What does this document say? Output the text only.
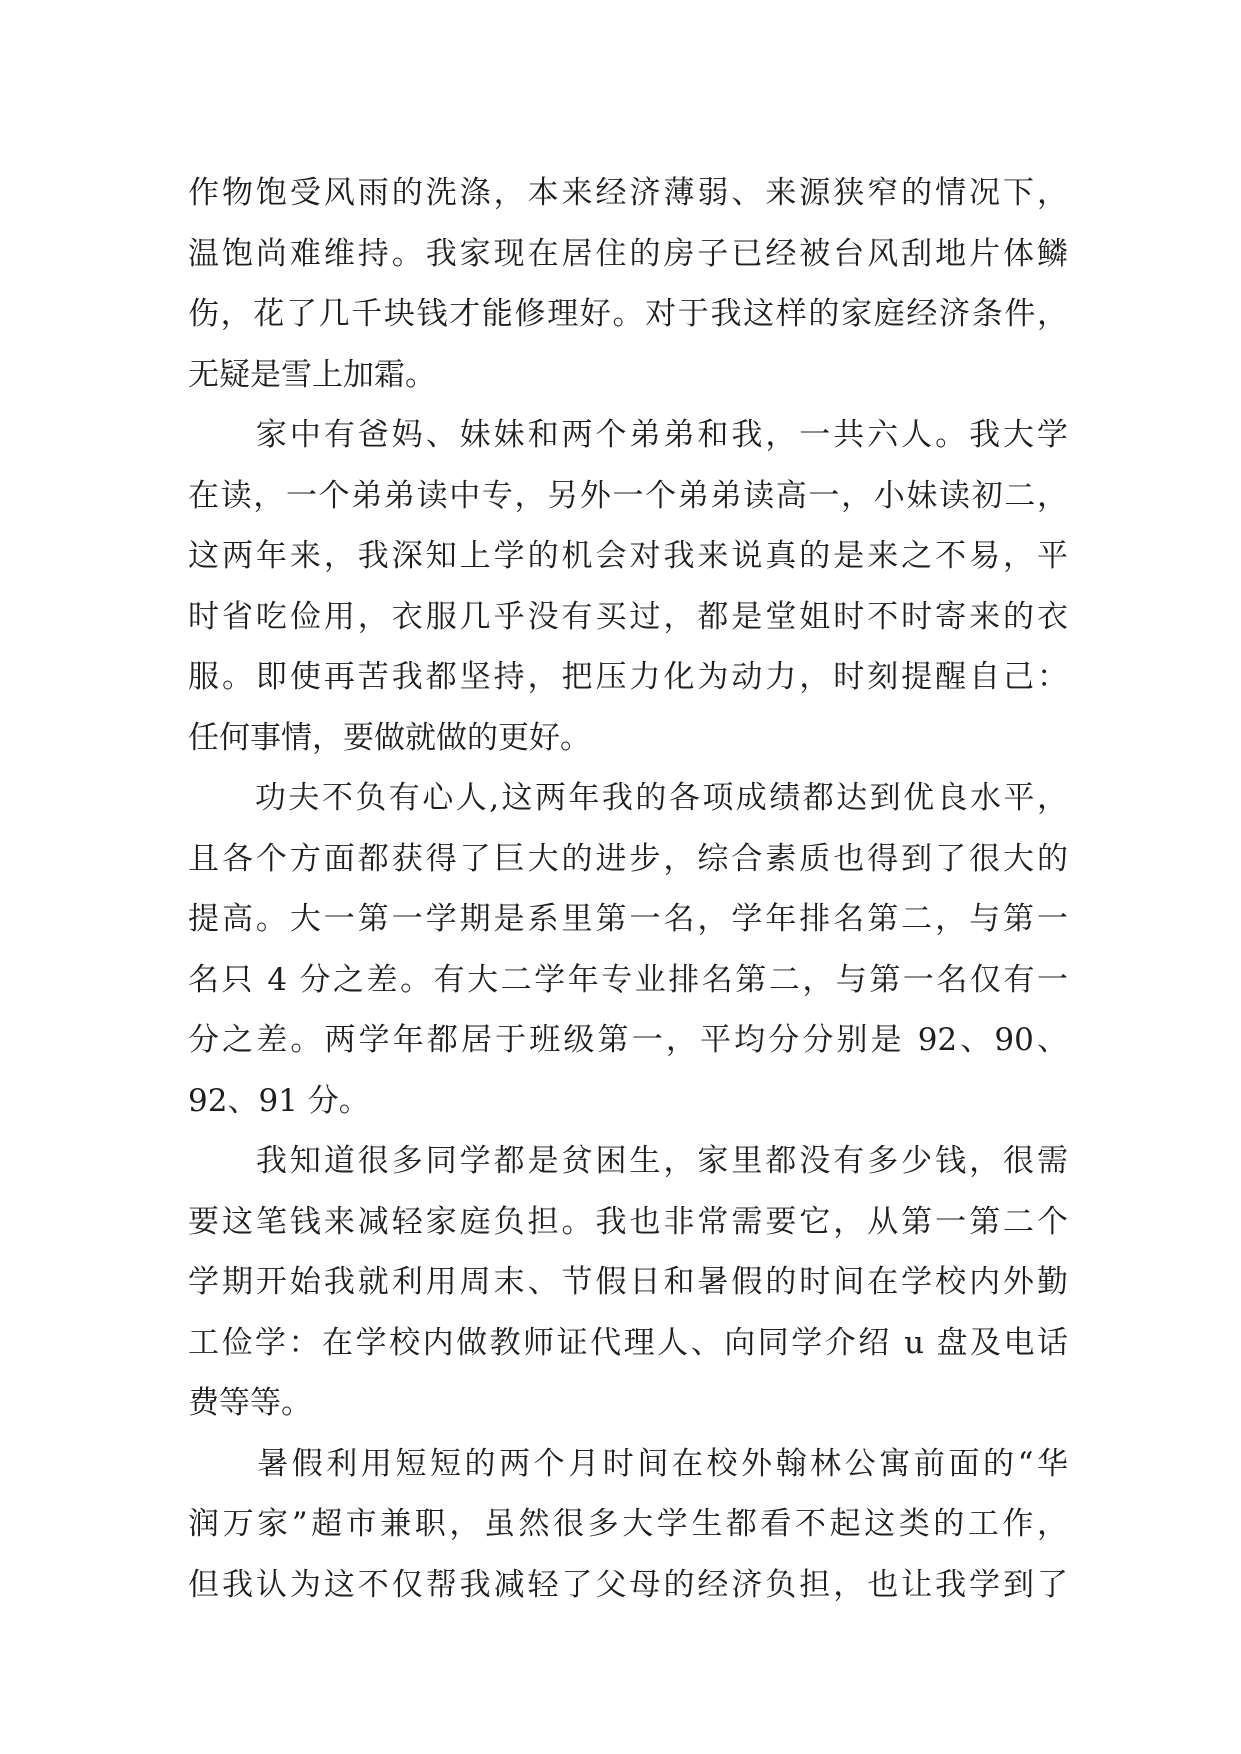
作物饱受风雨的洗涤，本来经济薄弱、来源狭窄的情况下，
温饱尚难维持。我家现在居住的房子已经被台风刮地片体鳞
伤，花了几千块钱才能修理好。对于我这样的家庭经济条件，
无疑是雪上加霜。
　　家中有爸妈、妹妹和两个弟弟和我，一共六人。我大学
在读，一个弟弟读中专，另外一个弟弟读高一，小妹读初二，
这两年来，我深知上学的机会对我来说真的是来之不易，平
时省吃俭用，衣服几乎没有买过，都是堂姐时不时寄来的衣
服。即使再苦我都坚持，把压力化为动力，时刻提醒自己：
任何事情，要做就做的更好。
　　功夫不负有心人,这两年我的各项成绩都达到优良水平，
且各个方面都获得了巨大的进步，综合素质也得到了很大的
提高。大一第一学期是系里第一名，学年排名第二，与第一
名只 4 分之差。有大二学年专业排名第二，与第一名仅有一
分之差。两学年都居于班级第一，平均分分别是 92、90、
92、91 分。
　　我知道很多同学都是贫困生，家里都没有多少钱，很需
要这笔钱来减轻家庭负担。我也非常需要它，从第一第二个
学期开始我就利用周末、节假日和暑假的时间在学校内外勤
工俭学：在学校内做教师证代理人、向同学介绍 u 盘及电话
费等等。
　　暑假利用短短的两个月时间在校外翰林公寓前面的“华
润万家”超市兼职，虽然很多大学生都看不起这类的工作，
但我认为这不仅帮我减轻了父母的经济负担，也让我学到了
